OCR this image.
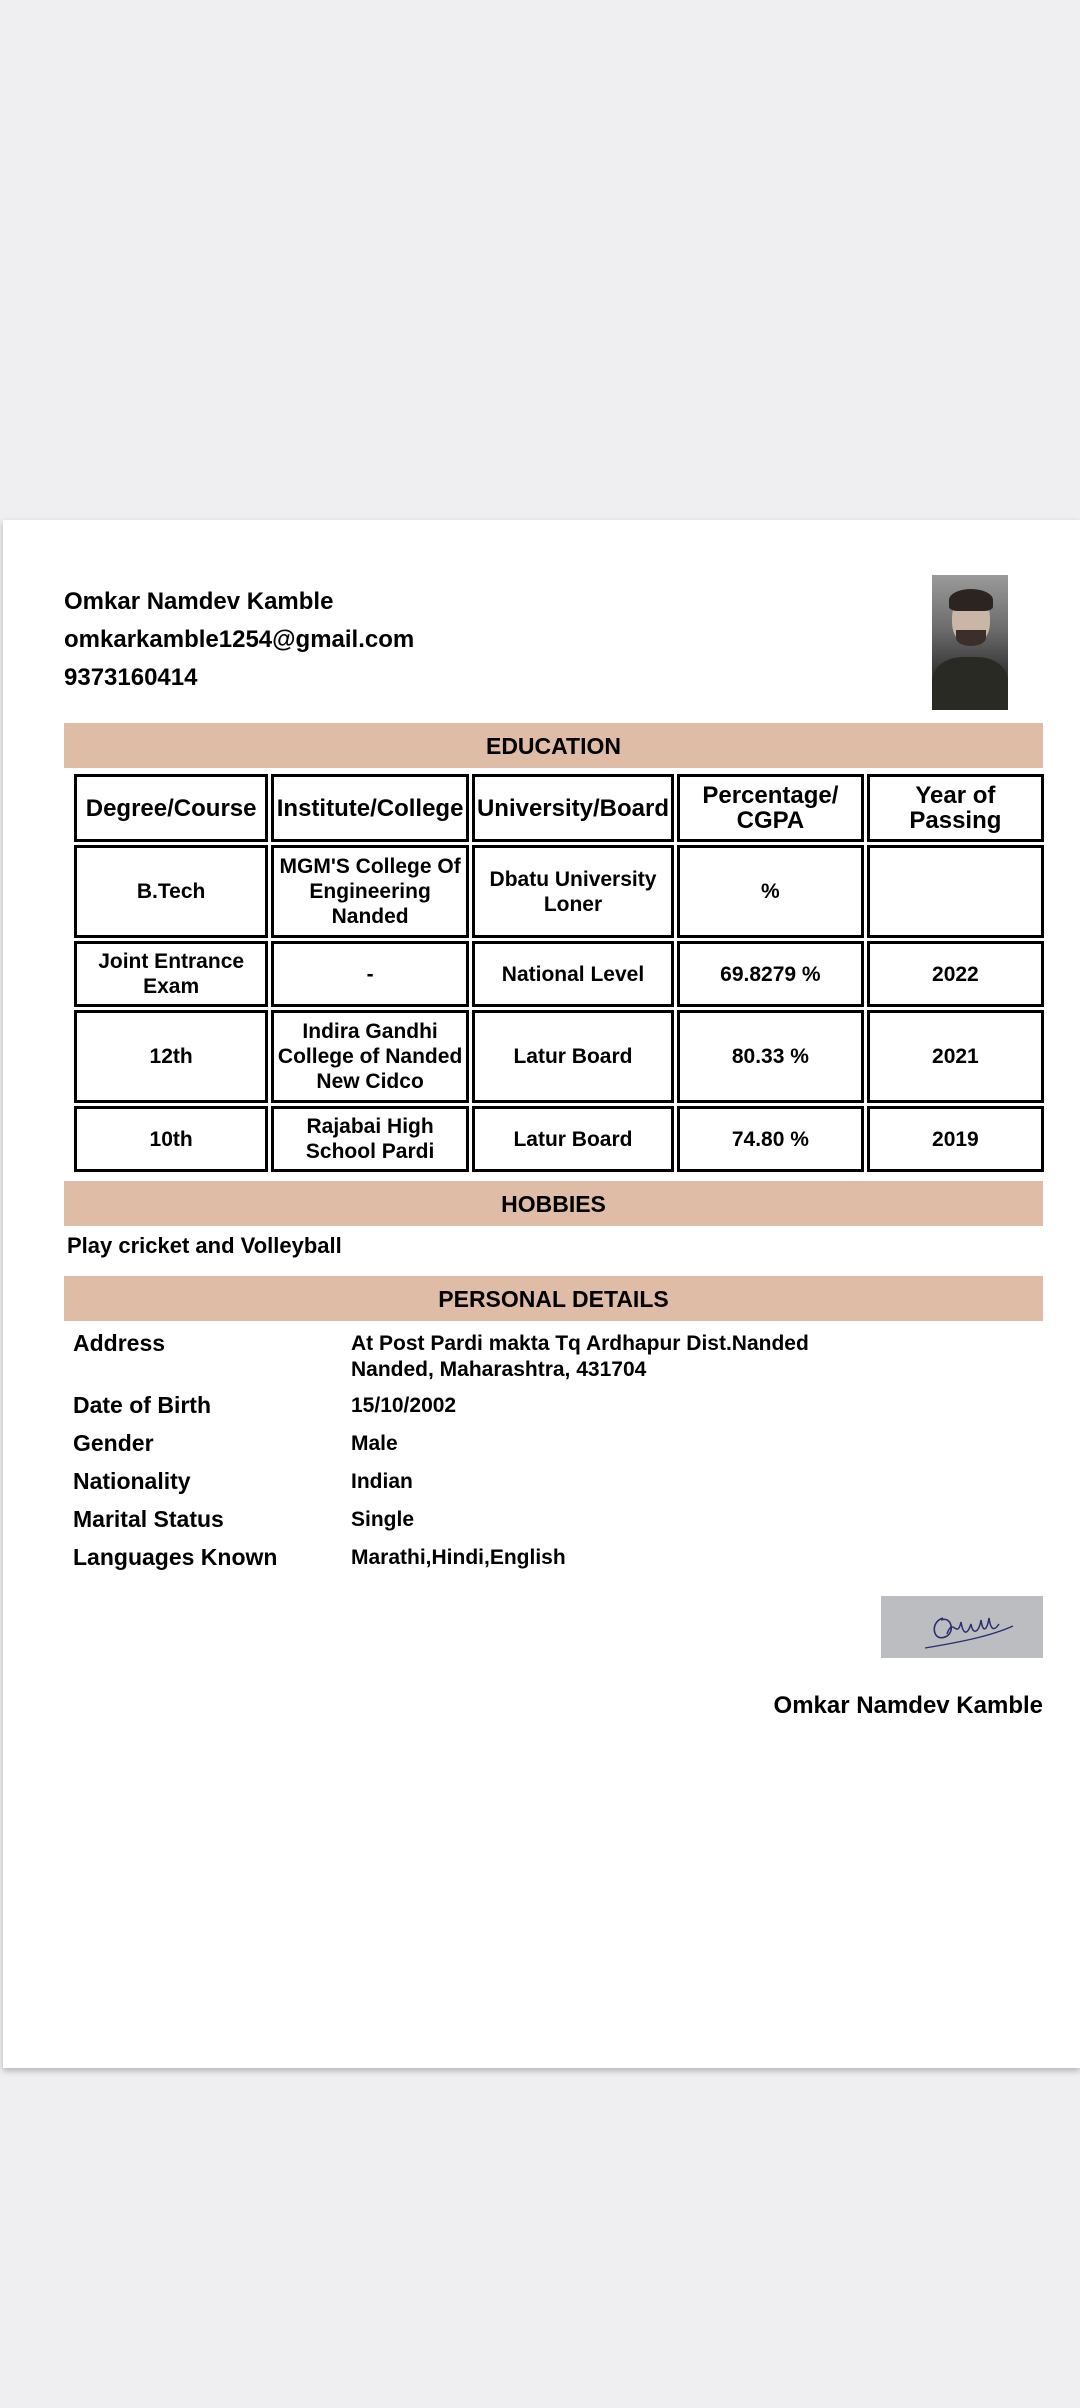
Omkar Namdev Kamble
omkarkamble1254@gmail.com
9373160414
EDUCATION
Degree/Course	Institute/College	University/Board	Percentage/ CGPA	Year of Passing
B.Tech	MGM'S College Of Engineering Nanded	Dbatu University Loner	%	
Joint Entrance Exam	-	National Level	69.8279 %	2022
12th	Indira Gandhi College of Nanded New Cidco	Latur Board	80.33 %	2021
10th	Rajabai High School Pardi	Latur Board	74.80 %	2019
HOBBIES
Play cricket and Volleyball
PERSONAL DETAILS
Address	At Post Pardi makta Tq Ardhapur Dist.Nanded
Nanded, Maharashtra, 431704
Date of Birth	15/10/2002
Gender	Male
Nationality	Indian
Marital Status	Single
Languages Known	Marathi,Hindi,English
Omkar Namdev Kamble
